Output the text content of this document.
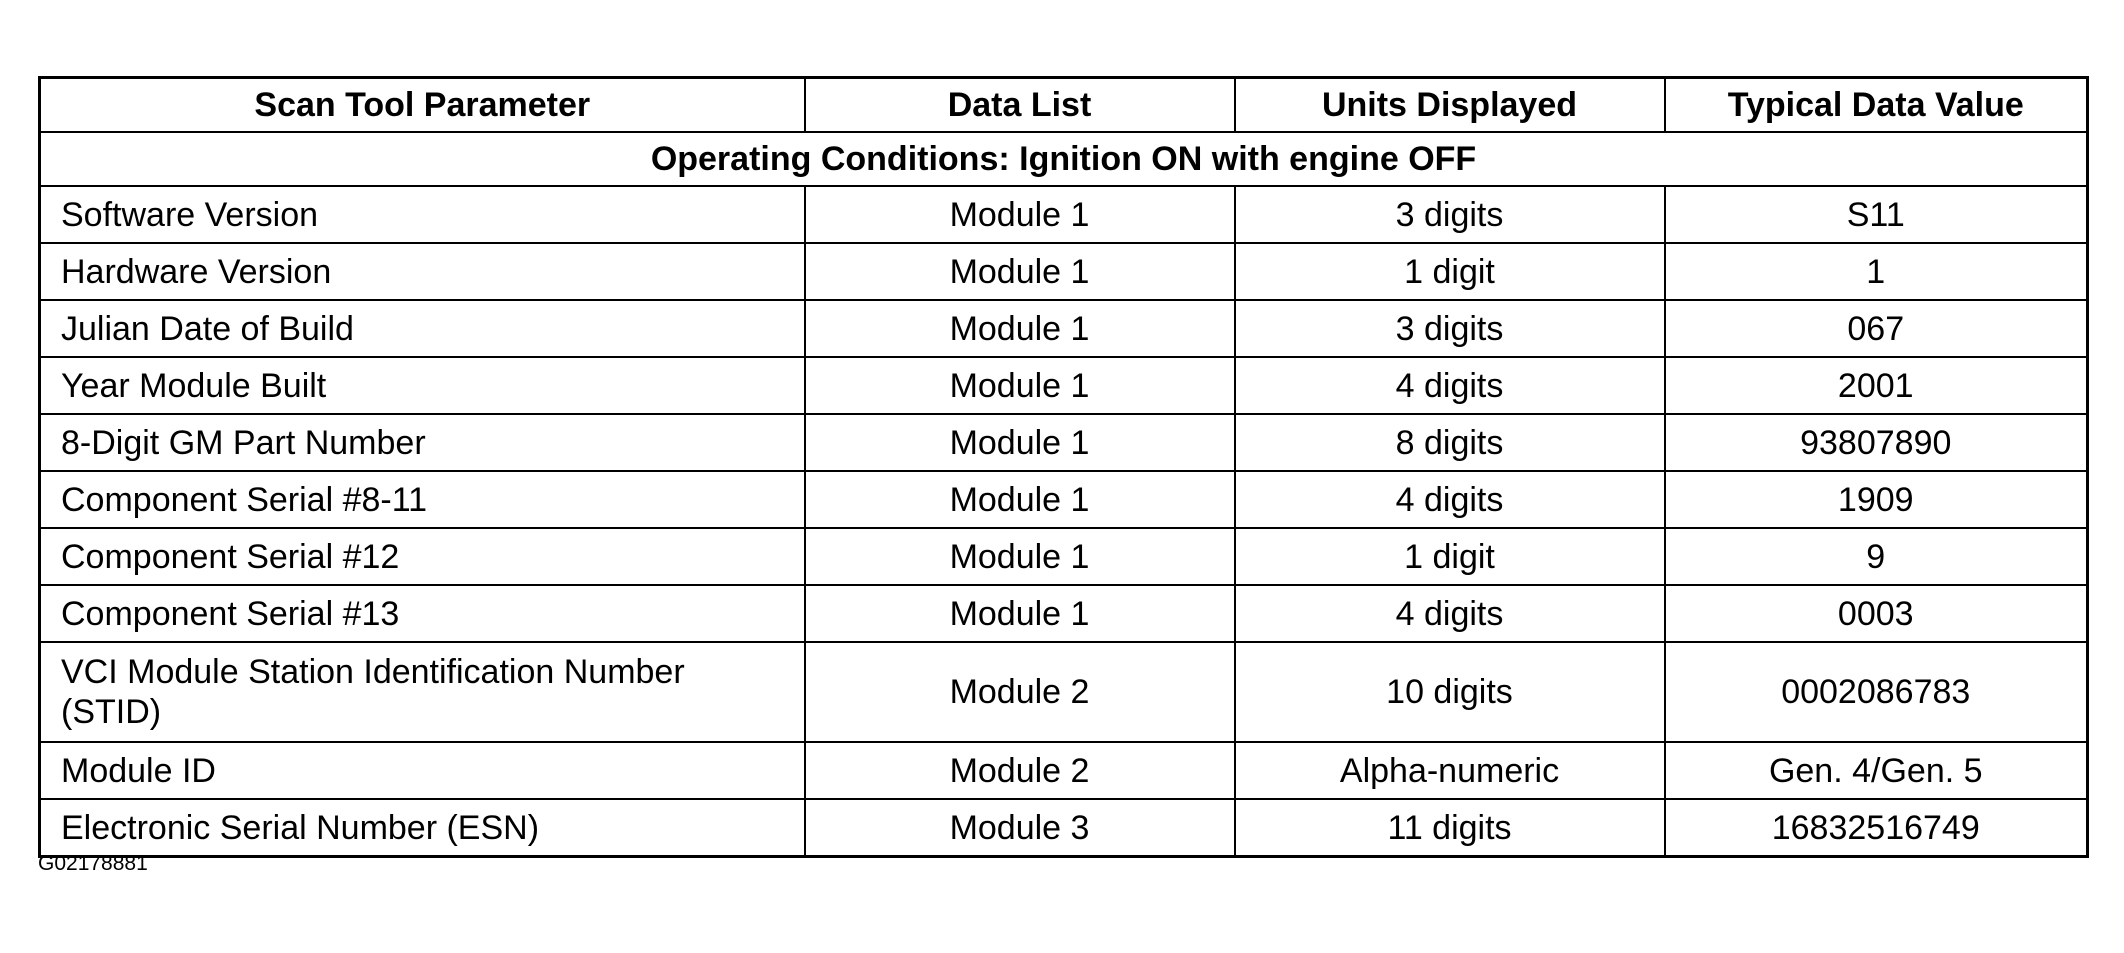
Scan Tool Parameter	Data List	Units Displayed	Typical Data Value
Operating Conditions: Ignition ON with engine OFF			
Software Version	Module 1	3 digits	S11
Hardware Version	Module 1	1 digit	1
Julian Date of Build	Module 1	3 digits	067
Year Module Built	Module 1	4 digits	2001
8-Digit GM Part Number	Module 1	8 digits	93807890
Component Serial #8-11	Module 1	4 digits	1909
Component Serial #12	Module 1	1 digit	9
Component Serial #13	Module 1	4 digits	0003
VCI Module Station Identification Number (STID)	Module 2	10 digits	0002086783
Module ID	Module 2	Alpha-numeric	Gen. 4/Gen. 5
Electronic Serial Number (ESN)	Module 3	11 digits	16832516749
G02178881
